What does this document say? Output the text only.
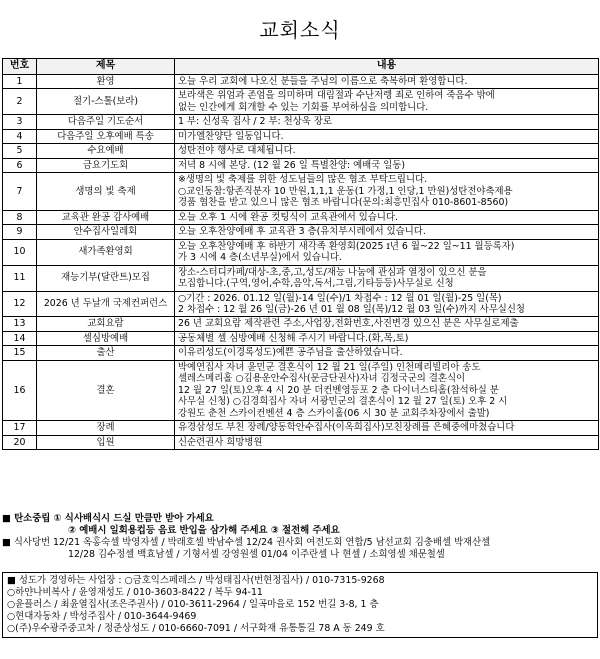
교회소식
번호	제목	내용
1	환영	오늘 우리 교회에 나오신 분들을 주님의 이름으로 축복하며 환영합니다.

2	절기-스톨(보라)	보라색은 위엄과 존엄을 의미하며 대림절과 수난저렝 죄로 인하여 죽음수 밖에
없는 인간에게 회개할 수 있는 기회를 부여하심을 의미합니다.

3	다음주일 기도순서	1 부: 신성욱 집사 / 2 부: 천상욱 장로

4	다음주일 오후예배 특송	미가엘찬양단 일동입니다.

5	수요예배	성탄전야 행사로 대체됩니다.

6	금요기도회	저녁 8 시에 본당. (12 월 26 일 특별찬양: 예배국 일동)

7	생명의 빛 축제	※생명의 빛 축제를 위한 성도님들의 많은 협조 부탁드립니다.
○교인동참:항존직분자 10 만원,1,1,1 운동(1 가정,1 인당,1 만원)성탄전야축제용
경품 협찬을 받고 있으니 많은 협조 바랍니다(문의:최흥민집사 010-8601-8560)

8	교육관 완공 감사예배	오늘 오후 1 시에 완공 컷팅식이 교육관에서 있습니다.

9	안수집사일레회	오늘 오후찬양예배 후 교육관 3 층(유치부시레에서 있습니다.

10	새가족환영회	오늘 오후찬양예배 후 하반기 새각족 환영회(2025 ɪ년 6 월~22 일~11 월등록자)
가 3 시에 4 층(소년부실)에서 있습니다.

11	재능기부(달란트)모집	장소-스터디카페/대상-초,중,고,성도/재능 나눔에 관심과 열정이 있으신 분을
모집합니다.(구역,영어,수학,음악,독서,그림,기타등등)사무실로 신청

12	2026 년 두날개 국제컨퍼런스	○기간 : 2026. 01.12 일(월)-14 일(수)/1 차접수 : 12 월 01 일(월)-25 일(목)
2 차접수 : 12 월 26 일(금)-26 년 01 월 08 일(목)/12 월 03 일(수)까지 사무실신청

13	교회요람	26 년 교회요람 제작관련 주소,사업장,전화번호,사진변경 있으신 분은 사무실로제출

14	셀심방예배	공동체별 셀 심방예배 신청해 주시기 바랍니다.(화,목,토)

15	출산	이유리성도(이경록성도)예쁜 공주님을 출산하였습니다.

16	결혼	박예연집사 자녀 윤민군 결혼식이 12 월 21 일(주일) 인천메리빌리아 송도
셀레스메리홀 ○김용운안수집사(문금단권사)자녀 김정국군의 결혼식이
12 월 27 일(토)오후 4 시 20 분 더컨벤영등포 2 층 다이너스티홀(참석하실 분
사무실 신청) ○김경희집사 자녀 서광민군의 결혼식이 12 월 27 일(토) 오후 2 시
강원도 춘천 스카이컨벤션 4 층 스카이홀(06 시 30 분 교회주차장에서 출발)

17	장례	유경삼성도 부친 장례/양동학안수집사(이옥희집사)모친장례를 은혜중에마쳤습니다

20	입원	신순련권사 희망병원
■ 탄소중립 ① 식사배식시 드실 만큼만 받아 가세요
② 예배시 일회용컵등 음료 반입을 삼가해 주세요 ③ 절전해 주세요
■ 식사당번 12/21 옥홍숙셀 박영자셀 / 박래호셀 박남수셀 12/24 권사회 여전도회 연합/5 남선교회 김충배셀 박재산셀
12/28 김수정셀 백효남셀 / 기형서셀 강영원셀 01/04 이주란셀 나 현셀 / 소희영셀 채문철셀
■ 성도가 경영하는 사업장 : ○금호익스페레스 / 박성태집사(번현정집사) / 010-7315-9268
○하얀나비복사 / 윤영재성도 / 010-3603-8422 / 복두 94-11
○윤플러스 / 최윤열집사(조은주권사) / 010-3611-2964 / 일곡마을로 152 번길 3-8, 1 층
○현대자동차 / 박성주집사 / 010-3644-9469
○(주)우수광주중고차 / 정준상성도 / 010-6660-7091 / 서구화재 유통통길 78 A 동 249 호
